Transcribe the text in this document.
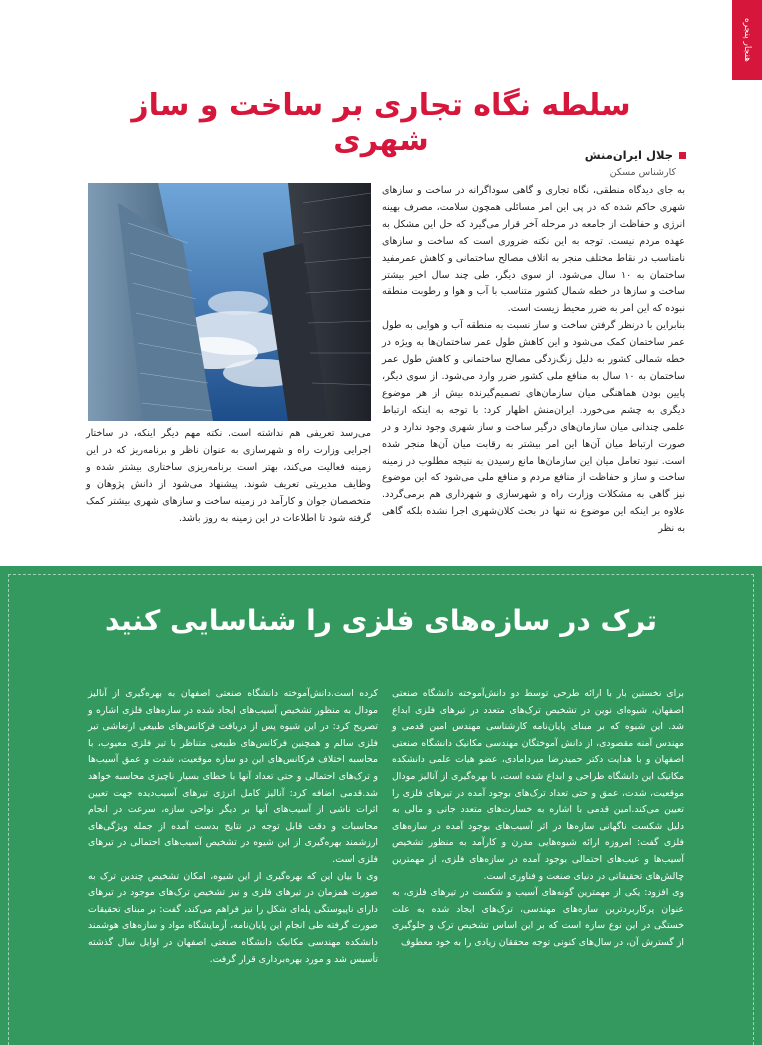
هنجار پنجره
سلطه نگاه تجاری بر ساخت و ساز شهری	جلال ایران‌منش
کارشناس مسکن

به جای دیدگاه منطقی، نگاه تجاری و گاهی سوداگرانه در ساخت و سازهای شهری حاکم شده که در پی این امر مسائلی همچون سلامت، مصرف بهینه انرژی و حفاظت از جامعه در مرحله آخر قرار می‌گیرد که حل این مشکل به عهده مردم نیست. توجه به این نکته ضروری است که ساخت و سازهای نامناسب در نقاط مختلف منجر به اتلاف مصالح ساختمانی و کاهش عمرمفید ساختمان به ۱۰ سال می‌شود. از سوی دیگر، طی چند سال اخیر بیشتر ساخت و سازها در خطه شمال کشور متناسب با آب و هوا و رطوبت منطقه نبوده که این امر به ضرر محیط زیست است.

بنابراین با درنظر گرفتن ساخت و ساز نسبت به منطقه آب و هوایی به طول عمر ساختمان کمک می‌شود و این کاهش طول عمر ساختمان‌ها به ویژه در خطه شمالی کشور به دلیل زنگ‌زدگی مصالح ساختمانی و کاهش طول عمر ساختمان به ۱۰ سال به منافع ملی کشور ضرر وارد می‌شود. از سوی دیگر، پایین بودن هماهنگی میان سازمان‌های تصمیم‌گیرنده بیش از هر موضوع دیگری به چشم می‌خورد. ایران‌منش اظهار کرد: با توجه به اینکه ارتباط علمی چندانی میان سازمان‌های درگیر ساخت و ساز شهری وجود ندارد و در صورت ارتباط میان آن‌ها این امر بیشتر به رقابت میان آن‌ها منجر شده است. نبود تعامل میان این سازمان‌ها مانع رسیدن به نتیجه مطلوب در زمینه ساخت و ساز و حفاظت از منافع مردم و منافع ملی می‌شود که این موضوع نیز گاهی به مشکلات وزارت راه و شهرسازی و شهرداری هم برمی‌گردد. علاوه بر اینکه این موضوع نه تنها در بحث کلان‌شهری اجرا نشده بلکه گاهی به نظر

می‌رسد تعریفی هم نداشته است. نکته مهم دیگر اینکه، در ساختار اجرایی وزارت راه و شهرسازی به عنوان ناظر و برنامه‌ریز که در این زمینه فعالیت می‌کند، بهتر است برنامه‌ریزی ساختاری بیشتر شده و وظایف مدیریتی تعریف شوند. پیشنهاد می‌شود از دانش پژوهان و متخصصان جوان و کارآمد در زمینه ساخت و سازهای شهری بیشتر کمک گرفته شود تا اطلاعات در این زمینه به روز باشد.

ترک در سازه‌های فلزی را شناسایی کنید

برای نخستین بار با ارائه طرحی توسط دو دانش‌آموخته دانشگاه صنعتی اصفهان، شیوه‌ای نوین در تشخیص ترک‌های متعدد در تیرهای فلزی ابداع شد. این شیوه که بر مبنای پایان‌نامه کارشناسی مهندس امین قدمی و مهندس آمنه مقصودی، از دانش آموختگان مهندسی مکانیک دانشگاه صنعتی اصفهان و با هدایت دکتر حمیدرضا میردامادی، عضو هیات علمی دانشکده مکانیک این دانشگاه طراحی و ابداع شده است، با بهره‌گیری از آنالیز مودال موقعیت، شدت، عمق و حتی تعداد ترک‌های بوجود آمده در تیرهای فلزی را تعیین می‌کند.امین قدمی با اشاره به خسارت‌های متعدد جانی و مالی به دلیل شکست ناگهانی سازه‌ها در اثر آسیب‌های بوجود آمده در سازه‌های فلزی گفت: امروزه ارائه شیوه‌هایی مدرن و کارآمد به منظور تشخیص آسیب‌ها و عیب‌های احتمالی بوجود آمده در سازه‌های فلزی، از مهمترین چالش‌های تحقیقاتی در دنیای صنعت و فناوری است.

وی افزود: یکی از مهمترین گونه‌های آسیب و شکست در تیرهای فلزی، به عنوان پرکاربردترین سازه‌های مهندسی، ترک‌های ایجاد شده به علت خستگی در این نوع سازه است که بر این اساس تشخیص ترک و جلوگیری از گسترش آن، در سال‌های کنونی توجه محققان زیادی را به خود معطوف

کرده است.دانش‌آموخته دانشگاه صنعتی اصفهان به بهره‌گیری از آنالیز مودال به منظور تشخیص آسیب‌های ایجاد شده در سازه‌های فلزی اشاره و تصریح کرد: در این شیوه پس از دریافت فرکانس‌های طبیعی ارتعاشی تیر فلزی سالم و همچنین فرکانس‌های طبیعی متناظر با تیر فلزی معیوب، با محاسبه اختلاف فرکانس‌های این دو سازه موقعیت، شدت و عمق آسیب‌ها و ترک‌های احتمالی و حتی تعداد آنها با خطای بسیار ناچیزی محاسبه خواهد شد.قدمی اضافه کرد: آنالیز کامل انرژی تیرهای آسیب‌دیده جهت تعیین اثرات ناشی از آسیب‌های آنها بر دیگر نواحی سازه، سرعت در انجام محاسبات و دقت قابل توجه در نتایج بدست آمده از جمله ویژگی‌های ارزشمند بهره‌گیری از این شیوه در تشخیص آسیب‌های احتمالی در تیرهای فلزی است.

وی با بیان این که بهره‌گیری از این شیوه، امکان تشخیص چندین ترک به صورت همزمان در تیرهای فلزی و نیز تشخیص ترک‌های موجود در تیرهای دارای ناپیوستگی پله‌ای شکل را نیز فراهم می‌کند، گفت: بر مبنای تحقیقات صورت گرفته طی انجام این پایان‌نامه، آزمایشگاه مواد و سازه‌های هوشمند دانشکده مهندسی مکانیک دانشگاه صنعتی اصفهان در اوایل سال گذشته تأسیس شد و مورد بهره‌برداری قرار گرفت.
